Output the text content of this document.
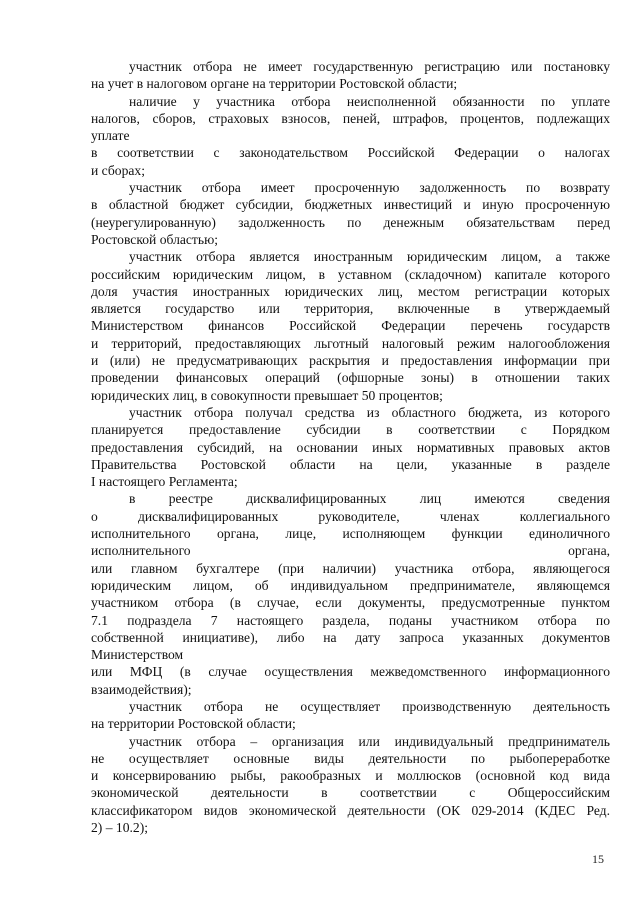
участник отбора не имеет государственную регистрацию или постановку
на учет в налоговом органе на территории Ростовской области;
наличие у участника отбора неисполненной обязанности по уплате
налогов, сборов, страховых взносов, пеней, штрафов, процентов, подлежащих
уплате
в соответствии с законодательством Российской Федерации о налогах
и сборах;
участник отбора имеет просроченную задолженность по возврату
в областной бюджет субсидии, бюджетных инвестиций и иную просроченную
(неурегулированную) задолженность по денежным обязательствам перед
Ростовской областью;
участник отбора является иностранным юридическим лицом, а также
российским юридическим лицом, в уставном (складочном) капитале которого
доля участия иностранных юридических лиц, местом регистрации которых
является государство или территория, включенные в утверждаемый
Министерством финансов Российской Федерации перечень государств
и территорий, предоставляющих льготный налоговый режим налогообложения
и (или) не предусматривающих раскрытия и предоставления информации при
проведении финансовых операций (офшорные зоны) в отношении таких
юридических лиц, в совокупности превышает 50 процентов;
участник отбора получал средства из областного бюджета, из которого
планируется предоставление субсидии в соответствии с Порядком
предоставления субсидий, на основании иных нормативных правовых актов
Правительства Ростовской области на цели, указанные в разделе
I настоящего Регламента;
в реестре дисквалифицированных лиц имеются сведения
о дисквалифицированных руководителе, членах коллегиального
исполнительного органа, лице, исполняющем функции единоличного
исполнительного органа,
или главном бухгалтере (при наличии) участника отбора, являющегося
юридическим лицом, об индивидуальном предпринимателе, являющемся
участником отбора (в случае, если документы, предусмотренные пунктом
7.1 подраздела 7 настоящего раздела, поданы участником отбора по
собственной инициативе), либо на дату запроса указанных документов
Министерством
или МФЦ (в случае осуществления межведомственного информационного
взаимодействия);
участник отбора не осуществляет производственную деятельность
на территории Ростовской области;
участник отбора – организация или индивидуальный предприниматель
не осуществляет основные виды деятельности по рыбопереработке
и консервированию рыбы, ракообразных и моллюсков (основной код вида
экономической деятельности в соответствии с Общероссийским
классификатором видов экономической деятельности (ОК 029-2014 (КДЕС Ред.
2) – 10.2);
15
